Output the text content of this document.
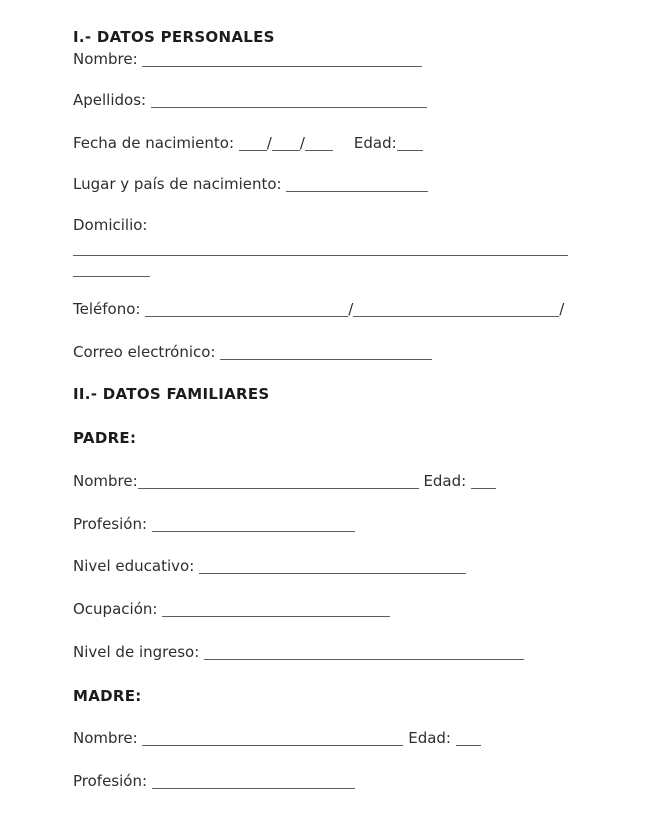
I.- DATOS PERSONALES
Nombre:
Apellidos:
Fecha de nacimiento: / /	Edad:
Lugar y país de nacimiento:
Domicilio:
Teléfono:	/	/
Correo electrónico:
II.- DATOS FAMILIARES
PADRE:
Nombre:	Edad:
Profesión:
Nivel educativo:
Ocupación:
Nivel de ingreso:
MADRE:
Nombre:	Edad:
Profesión:
